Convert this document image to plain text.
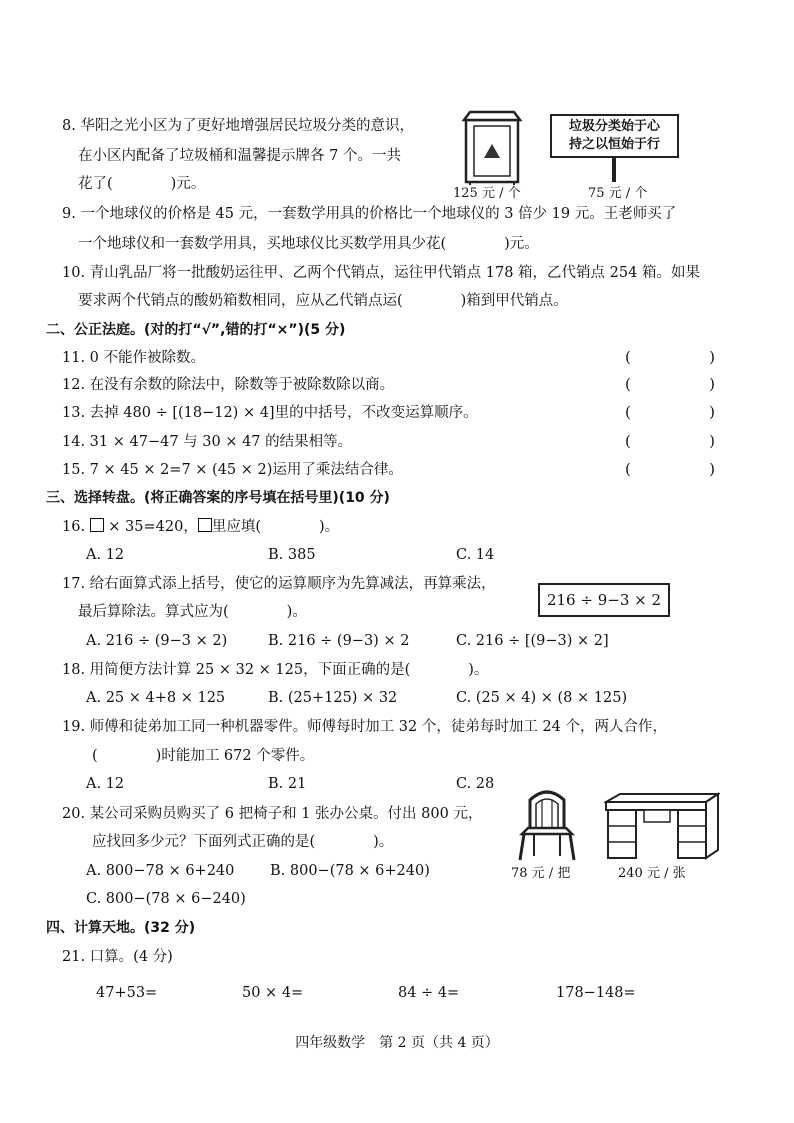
8. 华阳之光小区为了更好地增强居民垃圾分类的意识，
在小区内配备了垃圾桶和温馨提示牌各 7 个。一共
花了(　　　　)元。
125 元 / 个
垃圾分类始于心
持之以恒始于行
75 元 / 个
9. 一个地球仪的价格是 45 元，一套数学用具的价格比一个地球仪的 3 倍少 19 元。王老师买了
一个地球仪和一套数学用具，买地球仪比买数学用具少花(　　　　)元。
10. 青山乳品厂将一批酸奶运往甲、乙两个代销点，运往甲代销点 178 箱，乙代销点 254 箱。如果
要求两个代销点的酸奶箱数相同，应从乙代销点运(　　　　)箱到甲代销点。
二、公正法庭。(对的打“√”,错的打“×”)(5 分)
11. 0 不能作被除数。	(	)
12. 在没有余数的除法中，除数等于被除数除以商。	(	)
13. 去掉 480 ÷ [(18−12) × 4]里的中括号，不改变运算顺序。	(	)
14. 31 × 47−47 与 30 × 47 的结果相等。	(	)
15. 7 × 45 × 2=7 × (45 × 2)运用了乘法结合律。	(	)
三、选择转盘。(将正确答案的序号填在括号里)(10 分)
16.  × 35=420， 里应填(　　　　)。
A. 12	B. 385	C. 14
17. 给右面算式添上括号，使它的运算顺序为先算减法，再算乘法，
最后算除法。算式应为(　　　　)。
216 ÷ 9−3 × 2
A. 216 ÷ (9−3 × 2)	B. 216 ÷ (9−3) × 2	C. 216 ÷ [(9−3) × 2]
18. 用简便方法计算 25 × 32 × 125，下面正确的是(　　　　)。
A. 25 × 4+8 × 125	B. (25+125) × 32	C. (25 × 4) × (8 × 125)
19. 师傅和徒弟加工同一种机器零件。师傅每时加工 32 个，徒弟每时加工 24 个，两人合作，
(　　　　)时能加工 672 个零件。
A. 12	B. 21	C. 28
20. 某公司采购员购买了 6 把椅子和 1 张办公桌。付出 800 元，
应找回多少元？下面列式正确的是(　　　　)。
A. 800−78 × 6+240 B. 800−(78 × 6+240)
C. 800−(78 × 6−240)
78 元 / 把	240 元 / 张
四、计算天地。(32 分)
21. 口算。(4 分)
47+53=	50 × 4=	84 ÷ 4=	178−148=
四年级数学　第 2 页（共 4 页）
